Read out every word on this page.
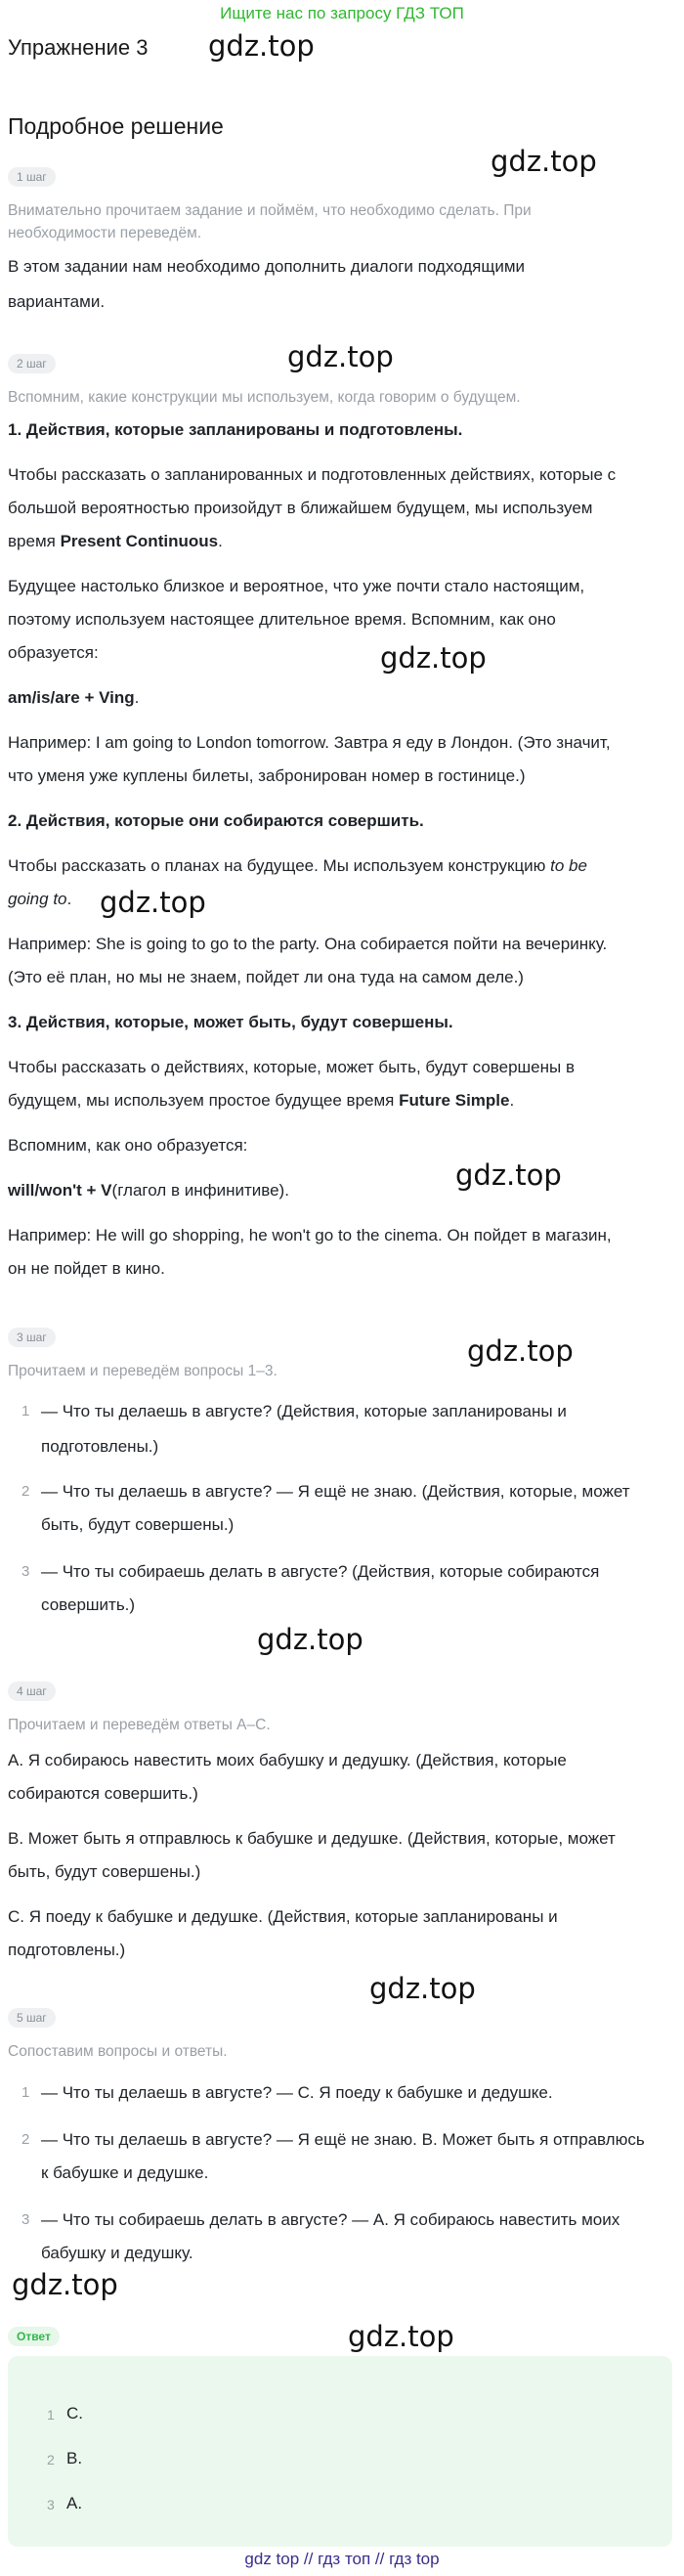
Ищите нас по запросу ГДЗ ТОП
Упражнение 3
Подробное решение
gdz.top
gdz.top
gdz.top
gdz.top
gdz.top
gdz.top
gdz.top
gdz.top
gdz.top
gdz.top
gdz.top
1 шаг
Внимательно прочитаем задание и поймём, что необходимо сделать. При
необходимости переведём.
В этом задании нам необходимо дополнить диалоги подходящими
вариантами.
2 шаг
Вспомним, какие конструкции мы используем, когда говорим о будущем.
1. Действия, которые запланированы и подготовлены.
Чтобы рассказать о запланированных и подготовленных действиях, которые с
большой вероятностью произойдут в ближайшем будущем, мы используем
время Present Continuous.
Будущее настолько близкое и вероятное, что уже почти стало настоящим,
поэтому используем настоящее длительное время. Вспомним, как оно
образуется:
am/is/are + Ving.
Например: I am going to London tomorrow. Завтра я еду в Лондон. (Это значит,
что уменя уже куплены билеты, забронирован номер в гостинице.)
2. Действия, которые они собираются совершить.
Чтобы рассказать о планах на будущее. Мы используем конструкцию to be
going to.
Например: She is going to go to the party. Она собирается пойти на вечеринку.
(Это её план, но мы не знаем, пойдет ли она туда на самом деле.)
3. Действия, которые, может быть, будут совершены.
Чтобы рассказать о действиях, которые, может быть, будут совершены в
будущем, мы используем простое будущее время Future Simple.
Вспомним, как оно образуется:
will/won't + V(глагол в инфинитиве).
Например: He will go shopping, he won't go to the cinema. Он пойдет в магазин,
он не пойдет в кино.
3 шаг
Прочитаем и переведём вопросы 1–3.
1 — Что ты делаешь в августе? (Действия, которые запланированы и
подготовлены.)
2 — Что ты делаешь в августе? — Я ещё не знаю. (Действия, которые, может
быть, будут совершены.)
3 — Что ты собираешь делать в августе? (Действия, которые собираются
совершить.)
4 шаг
Прочитаем и переведём ответы A–C.
A. Я собираюсь навестить моих бабушку и дедушку. (Действия, которые
собираются совершить.)
B. Может быть я отправлюсь к бабушке и дедушке. (Действия, которые, может
быть, будут совершены.)
C. Я поеду к бабушке и дедушке. (Действия, которые запланированы и
подготовлены.)
5 шаг
Сопоставим вопросы и ответы.
1 — Что ты делаешь в августе? — C. Я поеду к бабушке и дедушке.
2 — Что ты делаешь в августе? — Я ещё не знаю. B. Может быть я отправлюсь
к бабушке и дедушке.
3 — Что ты собираешь делать в августе? — A. Я собираюсь навестить моих
бабушку и дедушку.
Ответ
1 C.
2 B.
3 A.
gdz top // гдз топ // гдз top
